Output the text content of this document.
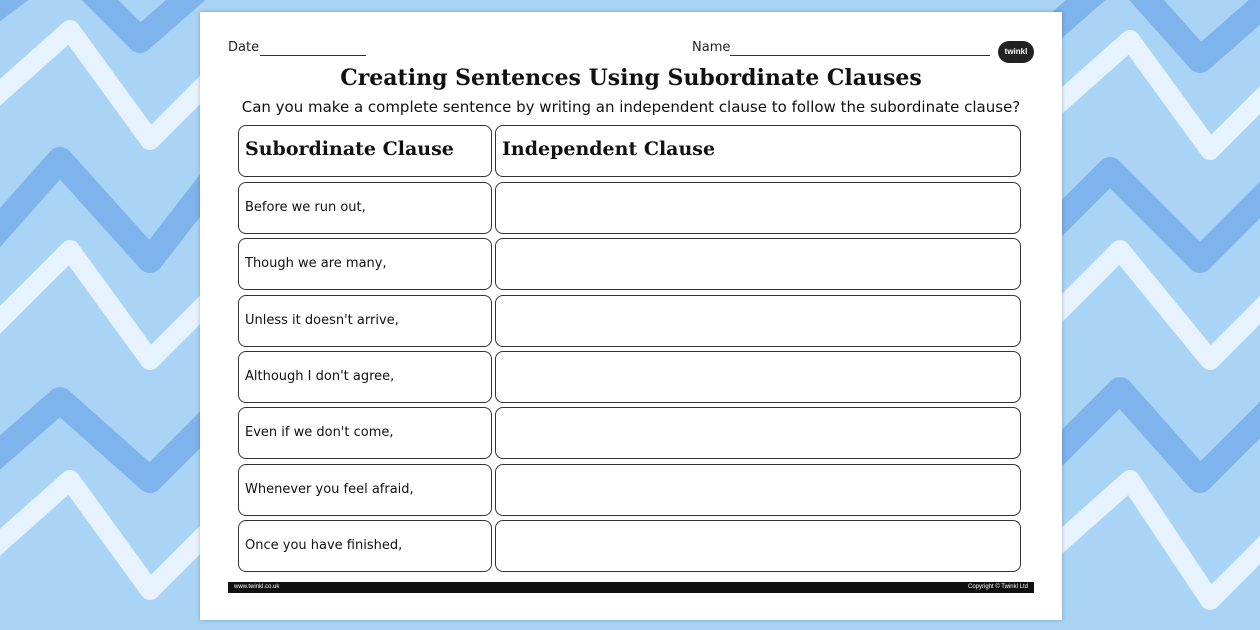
Date	Name	twinkl
Creating Sentences Using Subordinate Clauses
Can you make a complete sentence by writing an independent clause to follow the subordinate clause?
Subordinate Clause	Independent Clause
Before we run out,
Though we are many,
Unless it doesn't arrive,
Although I don't agree,
Even if we don't come,
Whenever you feel afraid,
Once you have finished,
www.twinkl.co.uk	Copyright © Twinkl Ltd
